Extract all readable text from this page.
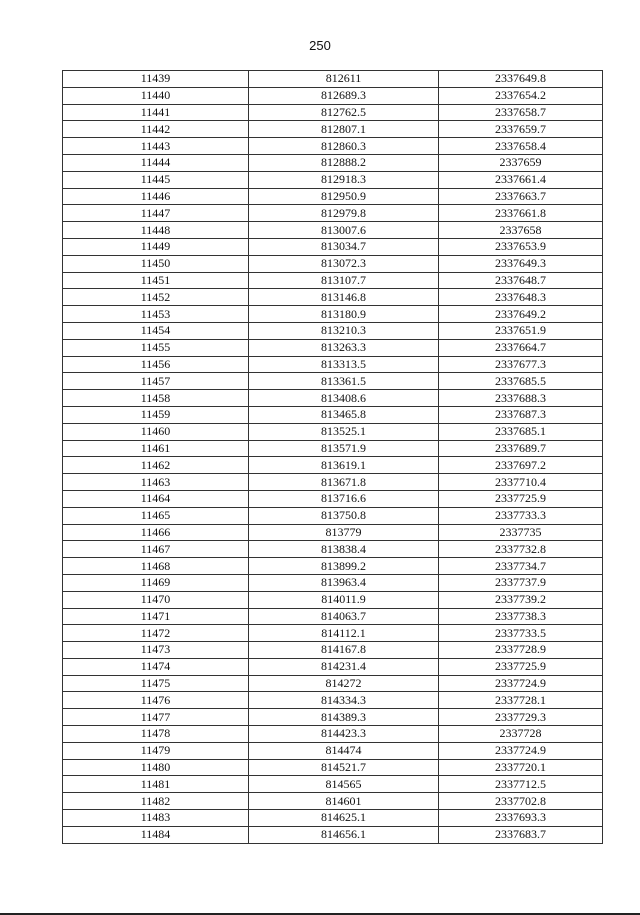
250
11439	812611	2337649.8
11440	812689.3	2337654.2
11441	812762.5	2337658.7
11442	812807.1	2337659.7
11443	812860.3	2337658.4
11444	812888.2	2337659
11445	812918.3	2337661.4
11446	812950.9	2337663.7
11447	812979.8	2337661.8
11448	813007.6	2337658
11449	813034.7	2337653.9
11450	813072.3	2337649.3
11451	813107.7	2337648.7
11452	813146.8	2337648.3
11453	813180.9	2337649.2
11454	813210.3	2337651.9
11455	813263.3	2337664.7
11456	813313.5	2337677.3
11457	813361.5	2337685.5
11458	813408.6	2337688.3
11459	813465.8	2337687.3
11460	813525.1	2337685.1
11461	813571.9	2337689.7
11462	813619.1	2337697.2
11463	813671.8	2337710.4
11464	813716.6	2337725.9
11465	813750.8	2337733.3
11466	813779	2337735
11467	813838.4	2337732.8
11468	813899.2	2337734.7
11469	813963.4	2337737.9
11470	814011.9	2337739.2
11471	814063.7	2337738.3
11472	814112.1	2337733.5
11473	814167.8	2337728.9
11474	814231.4	2337725.9
11475	814272	2337724.9
11476	814334.3	2337728.1
11477	814389.3	2337729.3
11478	814423.3	2337728
11479	814474	2337724.9
11480	814521.7	2337720.1
11481	814565	2337712.5
11482	814601	2337702.8
11483	814625.1	2337693.3
11484	814656.1	2337683.7
